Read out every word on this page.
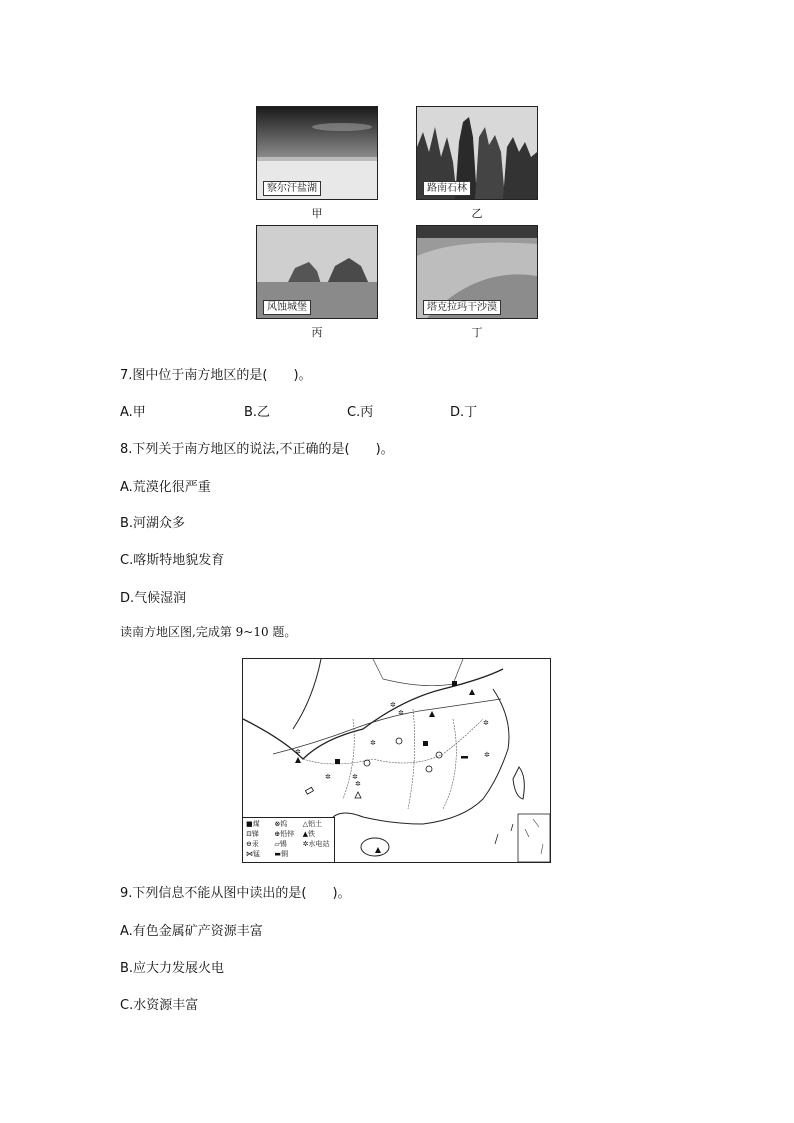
察尔汗盐湖
甲
路南石林
乙
风蚀城堡
丙
塔克拉玛干沙漠
丁
7.图中位于南方地区的是(　　)。
A.甲	B.乙	C.丙	D.丁
8.下列关于南方地区的说法,不正确的是(　　)。
A.荒漠化很严重
B.河湖众多
C.喀斯特地貌发育
D.气候湿润
读南方地区图,完成第 9~10 题。
✲
✲
✲
✲
✲
✲
✲	✲
✲
■煤	⊗钨	△铝土
⊡锑	⊕铅锌	▲铁
⊖汞	▱锡	✲水电站
⋈锰	▬铜
9.下列信息不能从图中读出的是(　　)。
A.有色金属矿产资源丰富
B.应大力发展火电
C.水资源丰富
